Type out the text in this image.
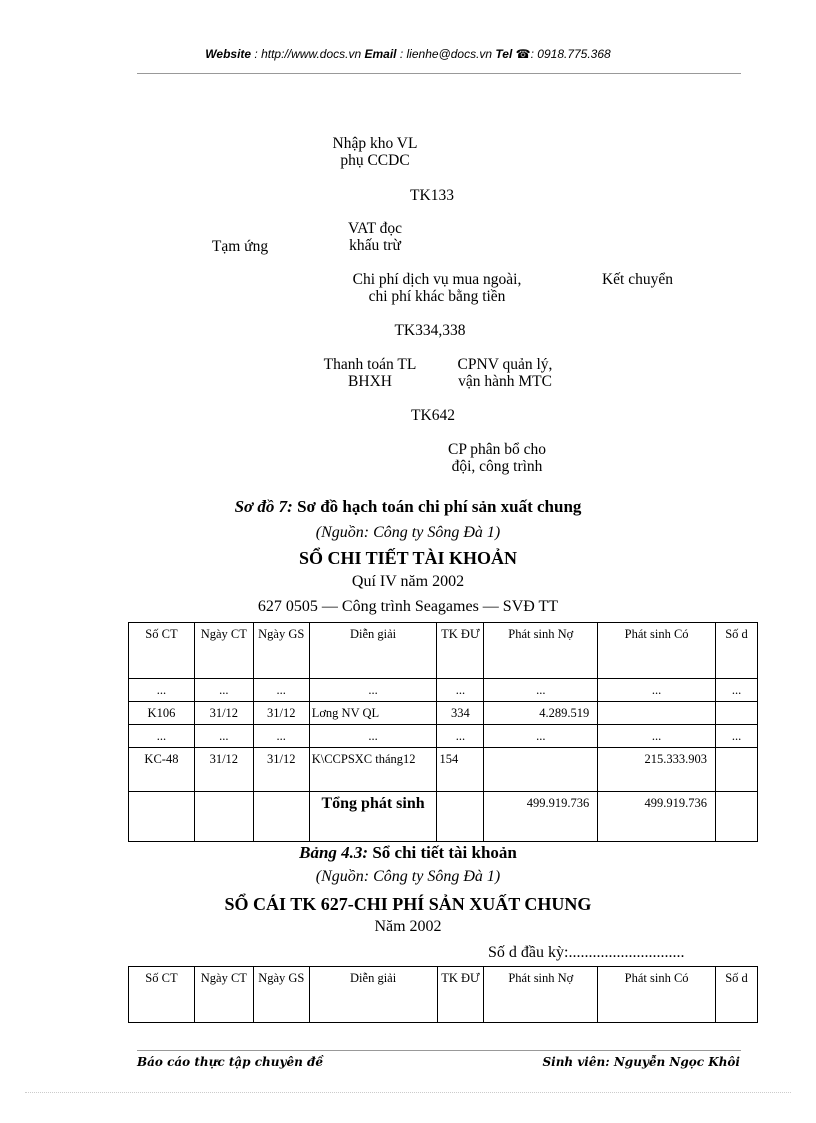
Website : http://www.docs.vn Email : lienhe@docs.vn Tel ☎: 0918.775.368
Nhập kho VL
phụ CCDC
TK133
VAT đọc
khấu trừ
Tạm ứng
Chi phí dịch vụ mua ngoài,
chi phí khác bằng tiền
Kết chuyển
TK334,338
Thanh toán TL
BHXH
CPNV quản lý,
vận hành MTC
TK642
CP phân bổ cho
đội, công trình
Sơ đồ 7: Sơ đồ hạch toán chi phí sản xuất chung
(Nguồn: Công ty Sông Đà 1)
SỔ CHI TIẾT TÀI KHOẢN
Quí IV năm 2002
627 0505 — Công trình Seagames — SVĐ TT
Số CT	Ngày CT	Ngày GS	Diễn giải	TK ĐƯ	Phát sinh Nợ	Phát sinh Có	Số d
...	...	...	...	...	...	...	...
K106	31/12	31/12	Lơng NV QL	334	4.289.519		
...	...	...	...	...	...	...	...
KC-48	31/12	31/12	K\CCPSXC tháng12	154		215.333.903	
			Tổng phát sinh		499.919.736	499.919.736	
Bảng 4.3: Sổ chi tiết tài khoản
(Nguồn: Công ty Sông Đà 1)
SỔ CÁI TK 627-CHI PHÍ SẢN XUẤT CHUNG
Năm 2002
Số d đầu kỳ:.............................
Số CT	Ngày CT	Ngày GS	Diễn giải	TK ĐƯ	Phát sinh Nợ	Phát sinh Có	Số d
Báo cáo thực tập chuyên đề	Sinh viên: Nguyễn Ngọc Khôi
